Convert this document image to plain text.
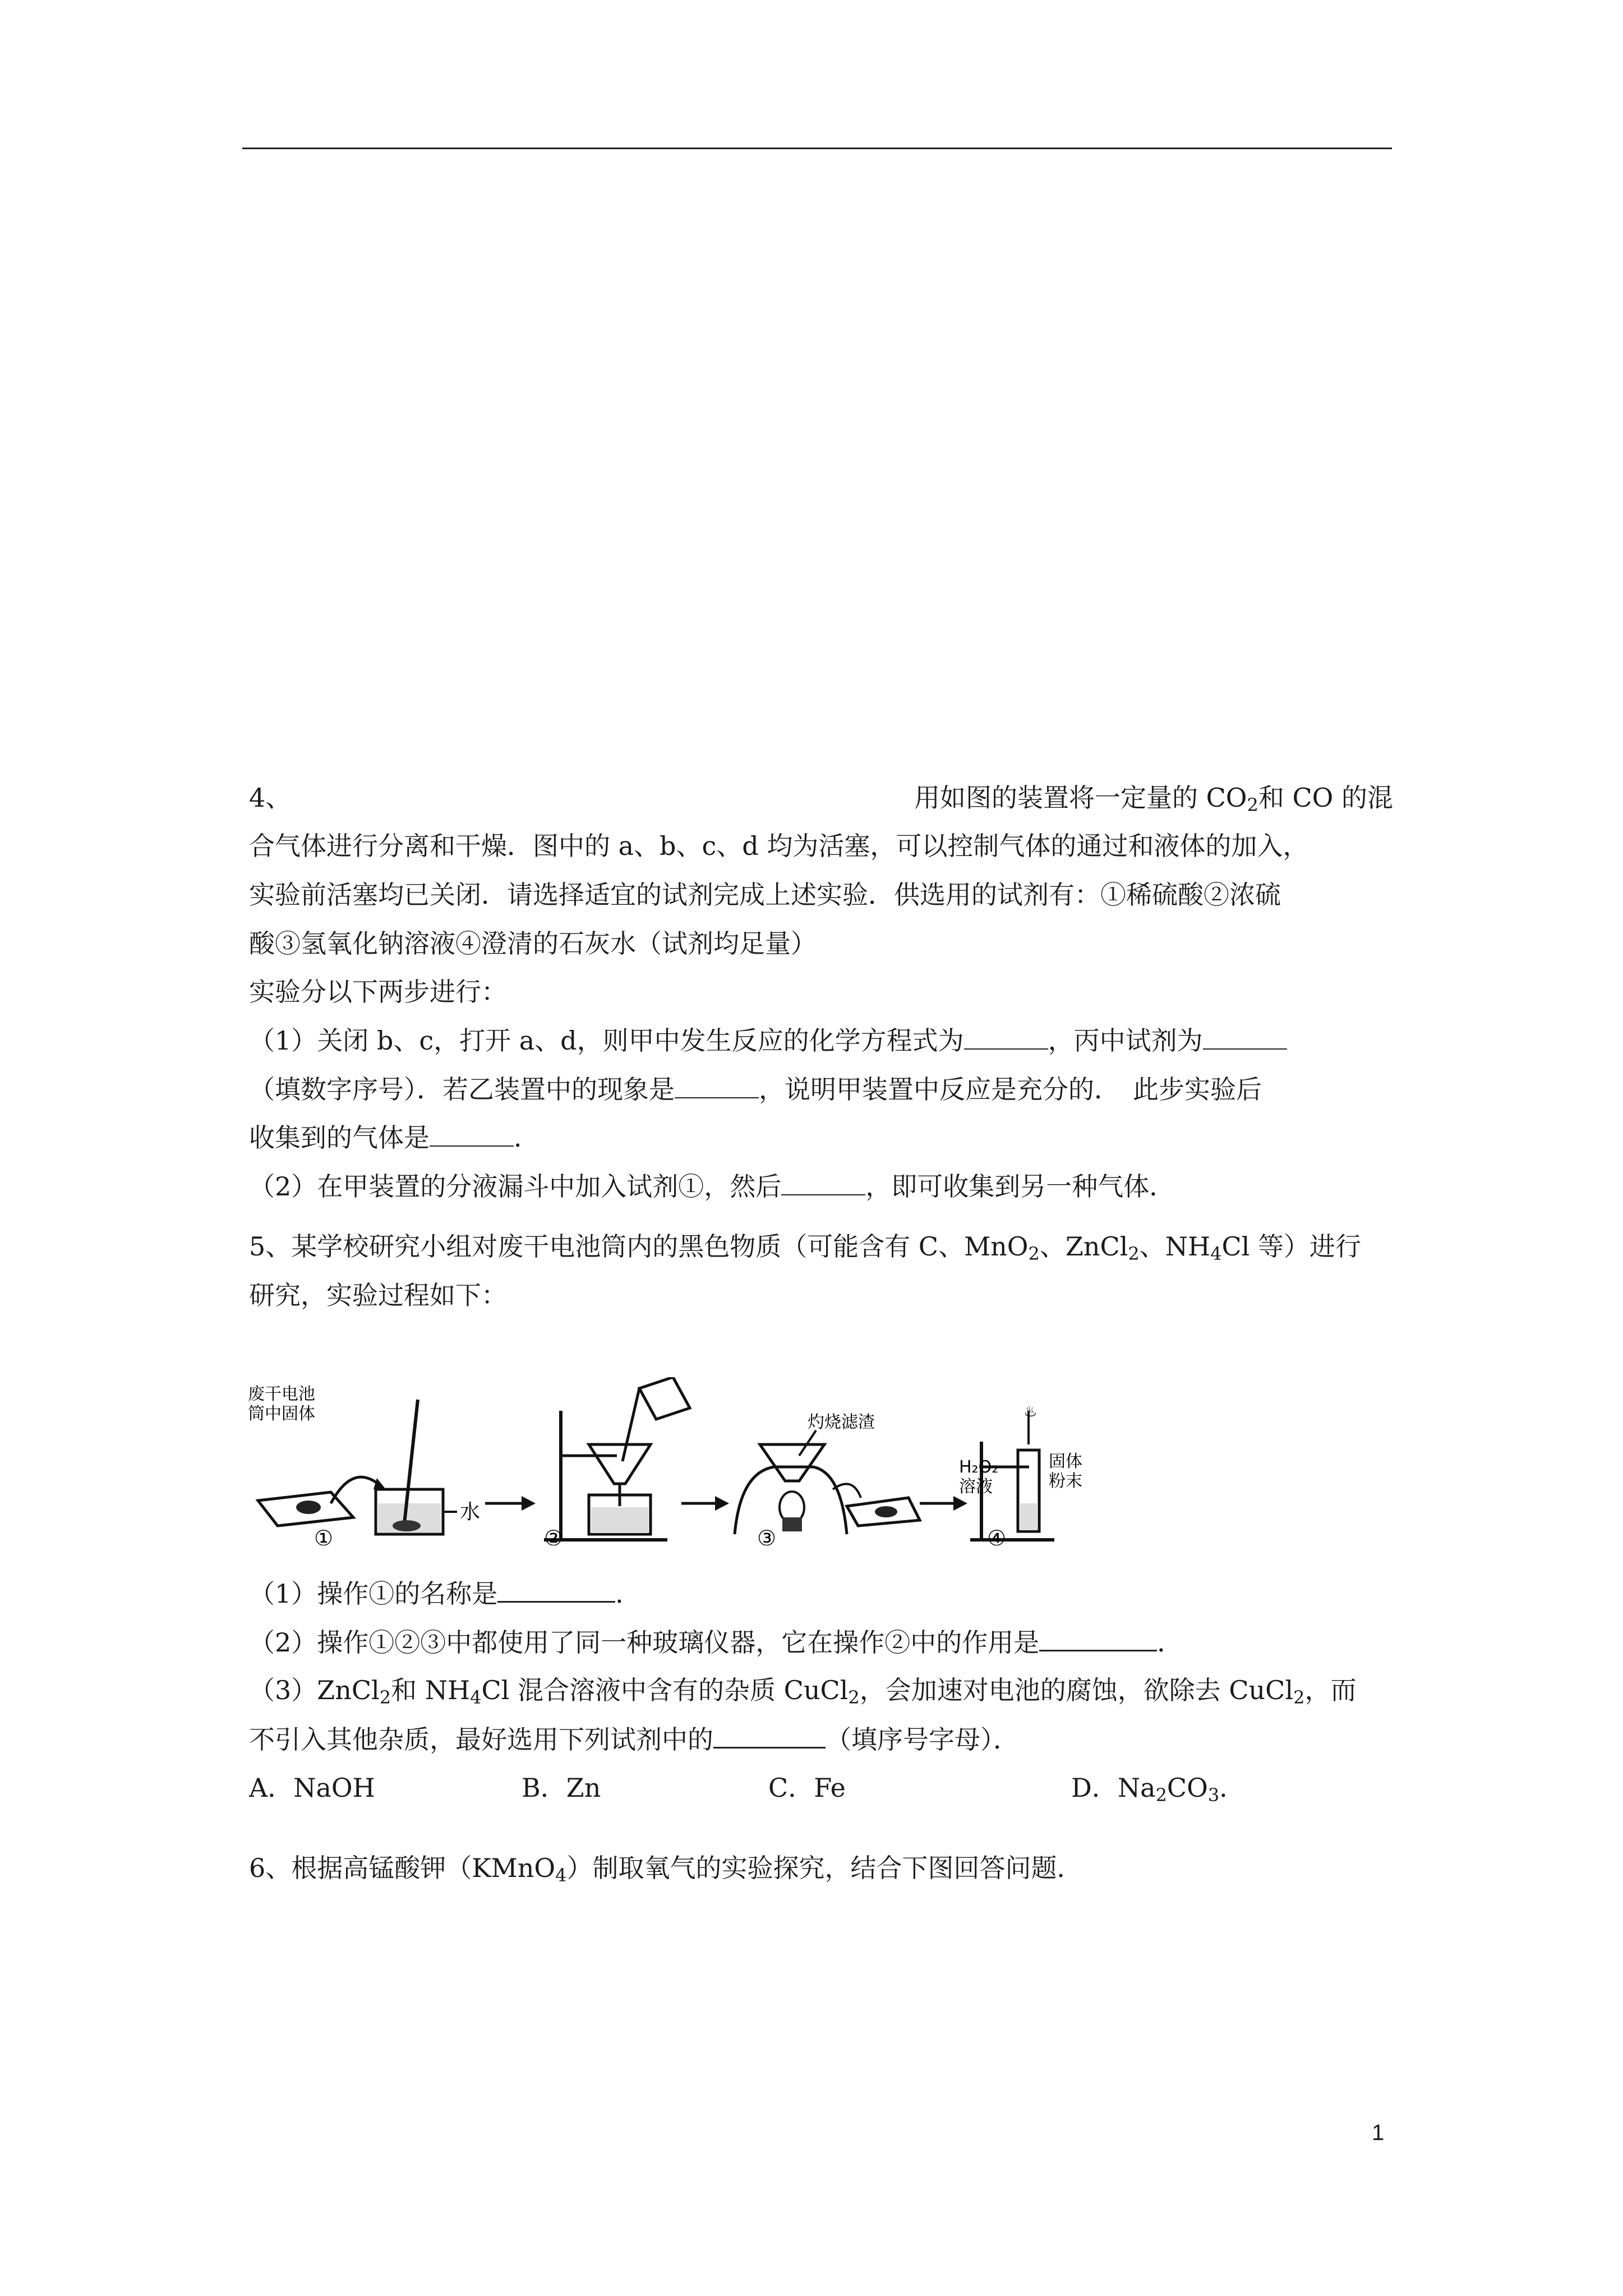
4、	用如图的装置将一定量的 $CO_2$和 CO 的混
合气体进行分离和干燥．图中的 a、b、c、d 均为活塞，可以控制气体的通过和液体的加入，
实验前活塞均已关闭．请选择适宜的试剂完成上述实验．供选用的试剂有：①稀硫酸②浓硫
酸③氢氧化钠溶液④澄清的石灰水（试剂均足量）
实验分以下两步进行：
（1）关闭 b、c，打开 a、d，则甲中发生反应的化学方程式为	，丙中试剂为
（填数字序号）．若乙装置中的现象是	，说明甲装置中反应是充分的．　此步实验后
收集到的气体是	．
（2）在甲装置的分液漏斗中加入试剂①，然后	，即可收集到另一种气体．
5、某学校研究小组对废干电池筒内的黑色物质（可能含有 C、MnO$_2$、ZnCl$_2$、$NH_4Cl$ 等）进行
研究，实验过程如下：
水
废干电池
筒中固体	灼烧滤渣
♨
H₂O₂
溶液
固体
粉末
①	②	③	④
（1）操作①的名称是	．
（2）操作①②③中都使用了同一种玻璃仪器，它在操作②中的作用是	．
（3）ZnCl$_2$和 $NH_4Cl$ 混合溶液中含有的杂质 CuCl$_2$，会加速对电池的腐蚀，欲除去 CuCl$_2$，而
不引入其他杂质，最好选用下列试剂中的	（填序号字母）．
A．NaOH	B．Zn	C．Fe	D．$Na_2CO_3$．
6、根据高锰酸钾（KMnO$_4$）制取氧气的实验探究，结合下图回答问题．
1
